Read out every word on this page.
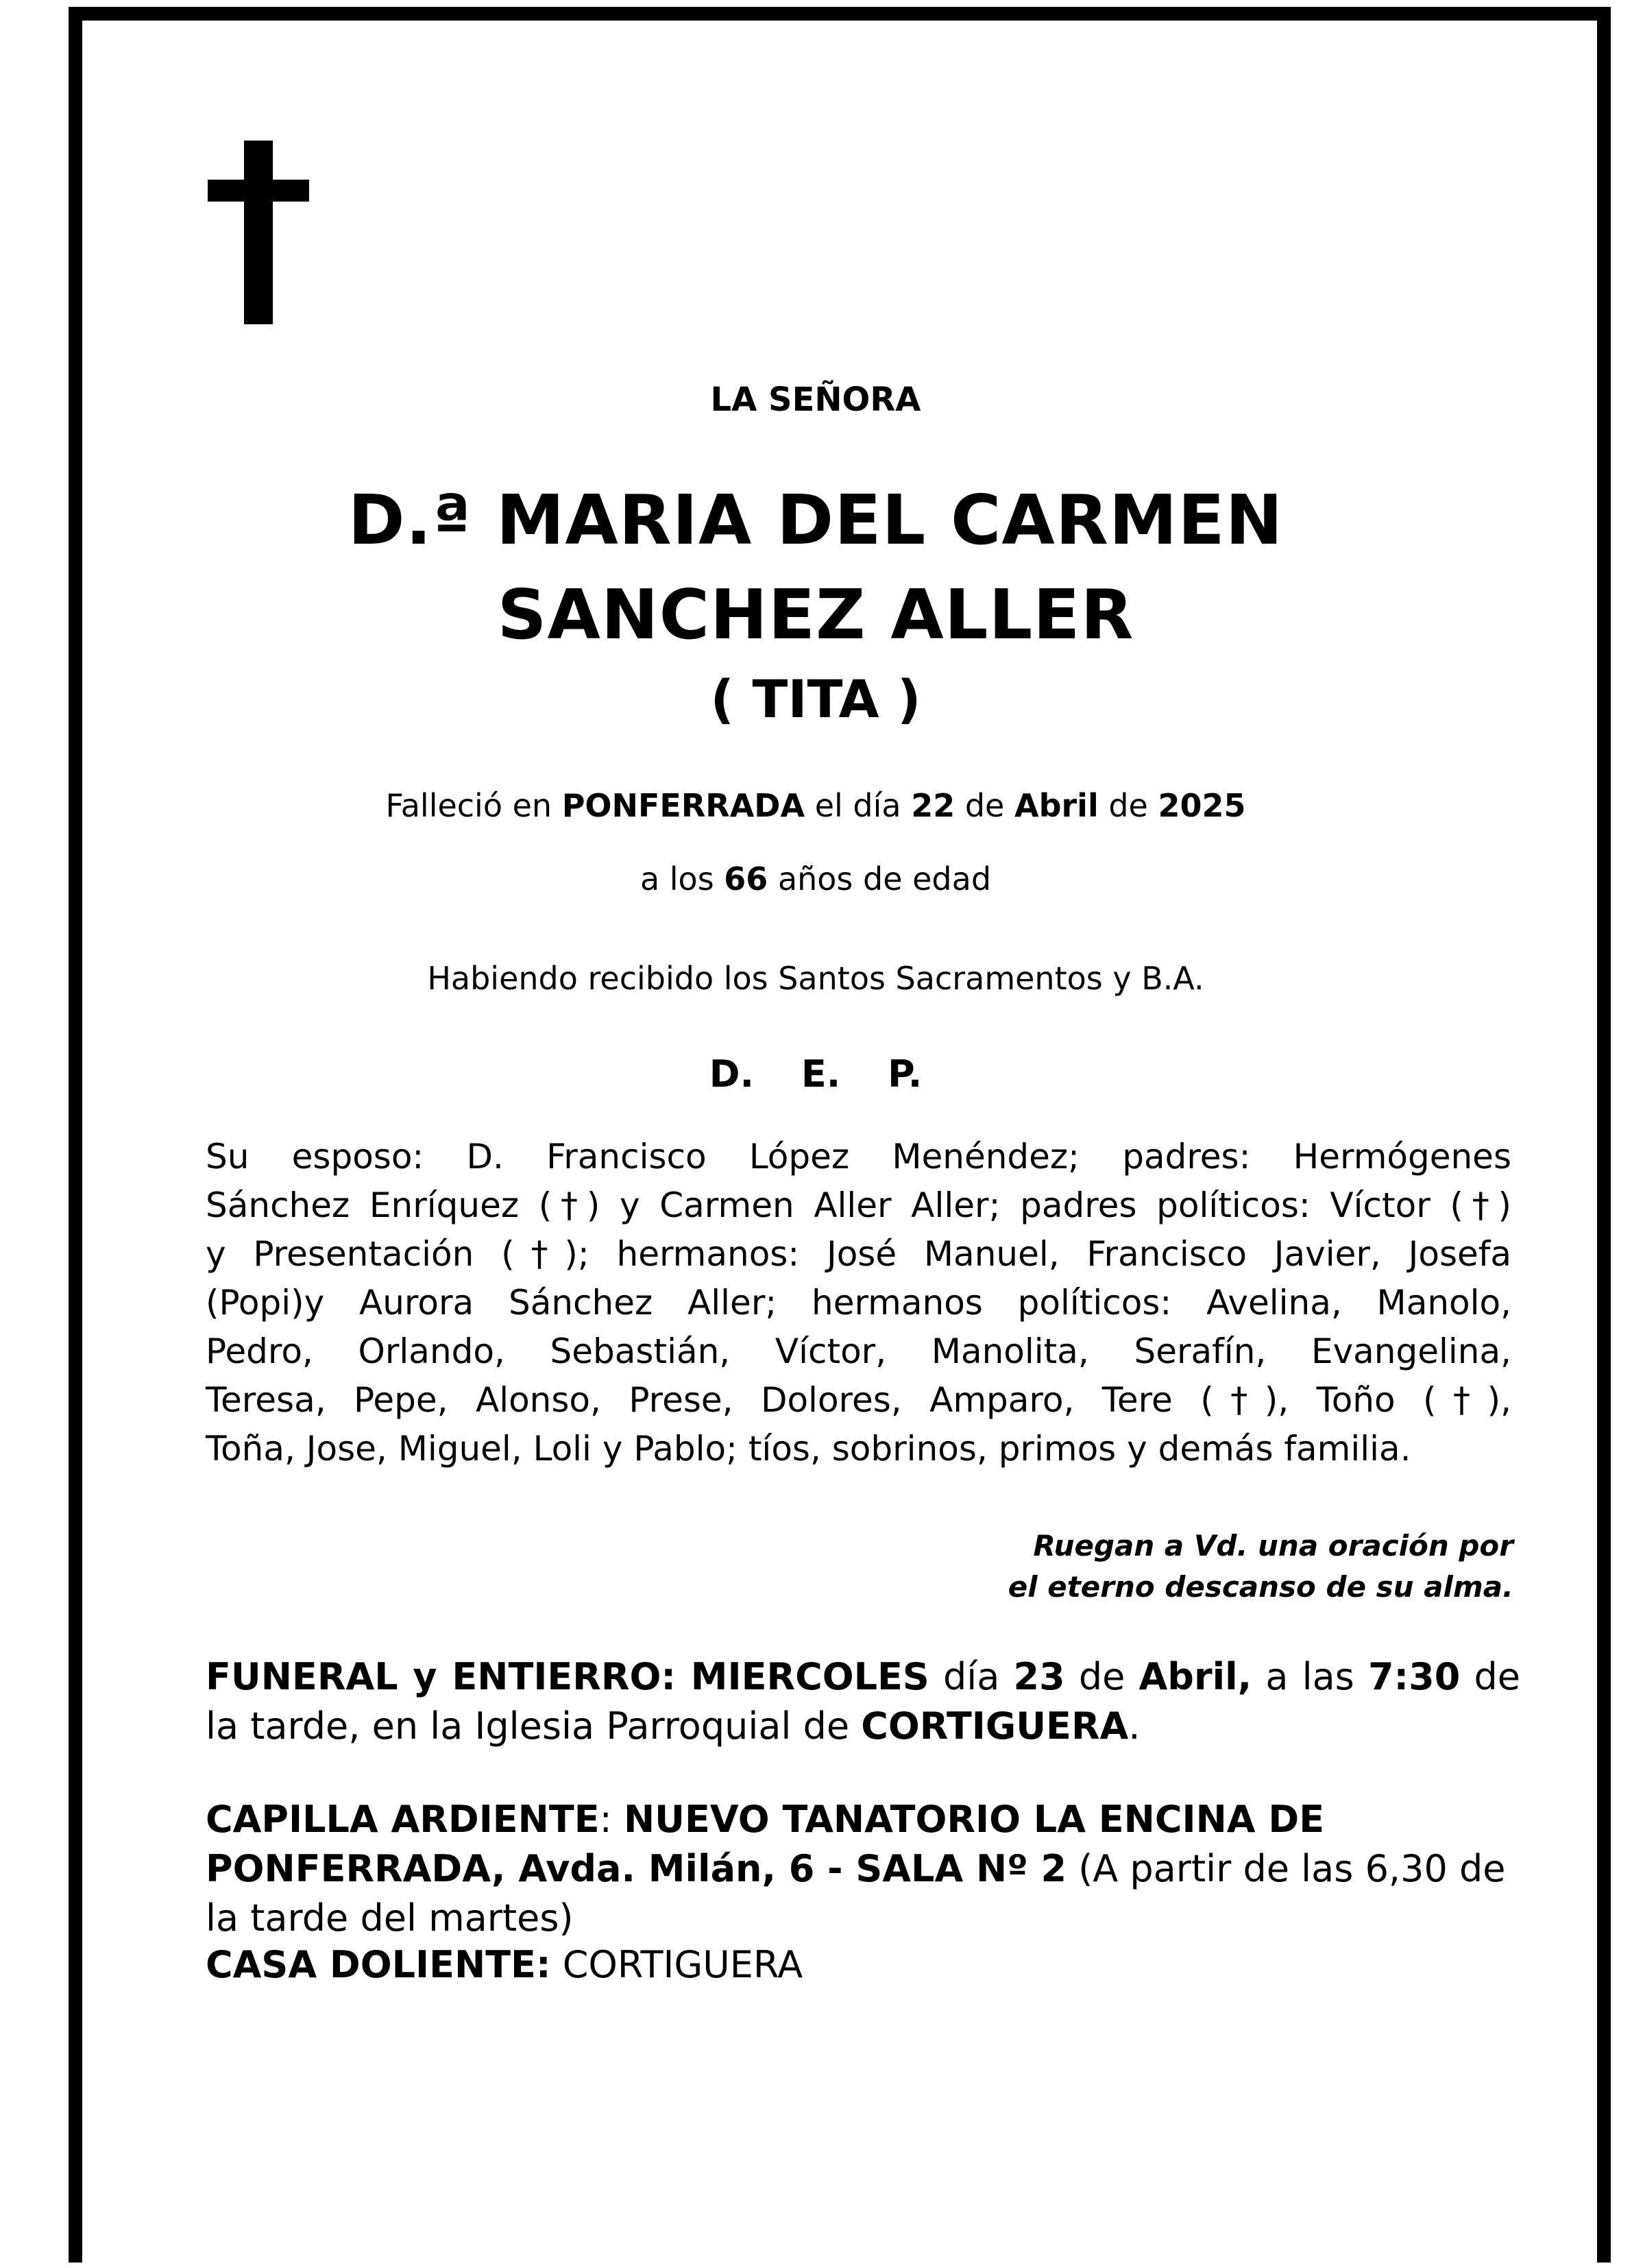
LA SEÑORA
D.ª MARIA DEL CARMEN
SANCHEZ ALLER
( TITA )
Falleció en PONFERRADA el día 22 de Abril de 2025
a los 66 años de edad
Habiendo recibido los Santos Sacramentos y B.A.
D. E. P.
Su esposo: D. Francisco López Menéndez; padres: Hermógenes
Sánchez Enríquez (†) y Carmen Aller Aller; padres políticos: Víctor (†)
y Presentación (†); hermanos: José Manuel, Francisco Javier, Josefa
(Popi)y Aurora Sánchez Aller; hermanos políticos: Avelina, Manolo,
Pedro, Orlando, Sebastián, Víctor, Manolita, Serafín, Evangelina,
Teresa, Pepe, Alonso, Prese, Dolores, Amparo, Tere (†), Toño (†),
Toña, Jose, Miguel, Loli y Pablo; tíos, sobrinos, primos y demás familia.
Ruegan a Vd. una oración por
el eterno descanso de su alma.
FUNERAL y ENTIERRO: MIERCOLES día 23 de Abril, a las 7:30 de la tarde, en la Iglesia Parroquial de CORTIGUERA.
CAPILLA ARDIENTE: NUEVO TANATORIO LA ENCINA DE PONFERRADA, Avda. Milán, 6 - SALA Nº 2 (A partir de las 6,30 de la tarde del martes)
CASA DOLIENTE: CORTIGUERA
